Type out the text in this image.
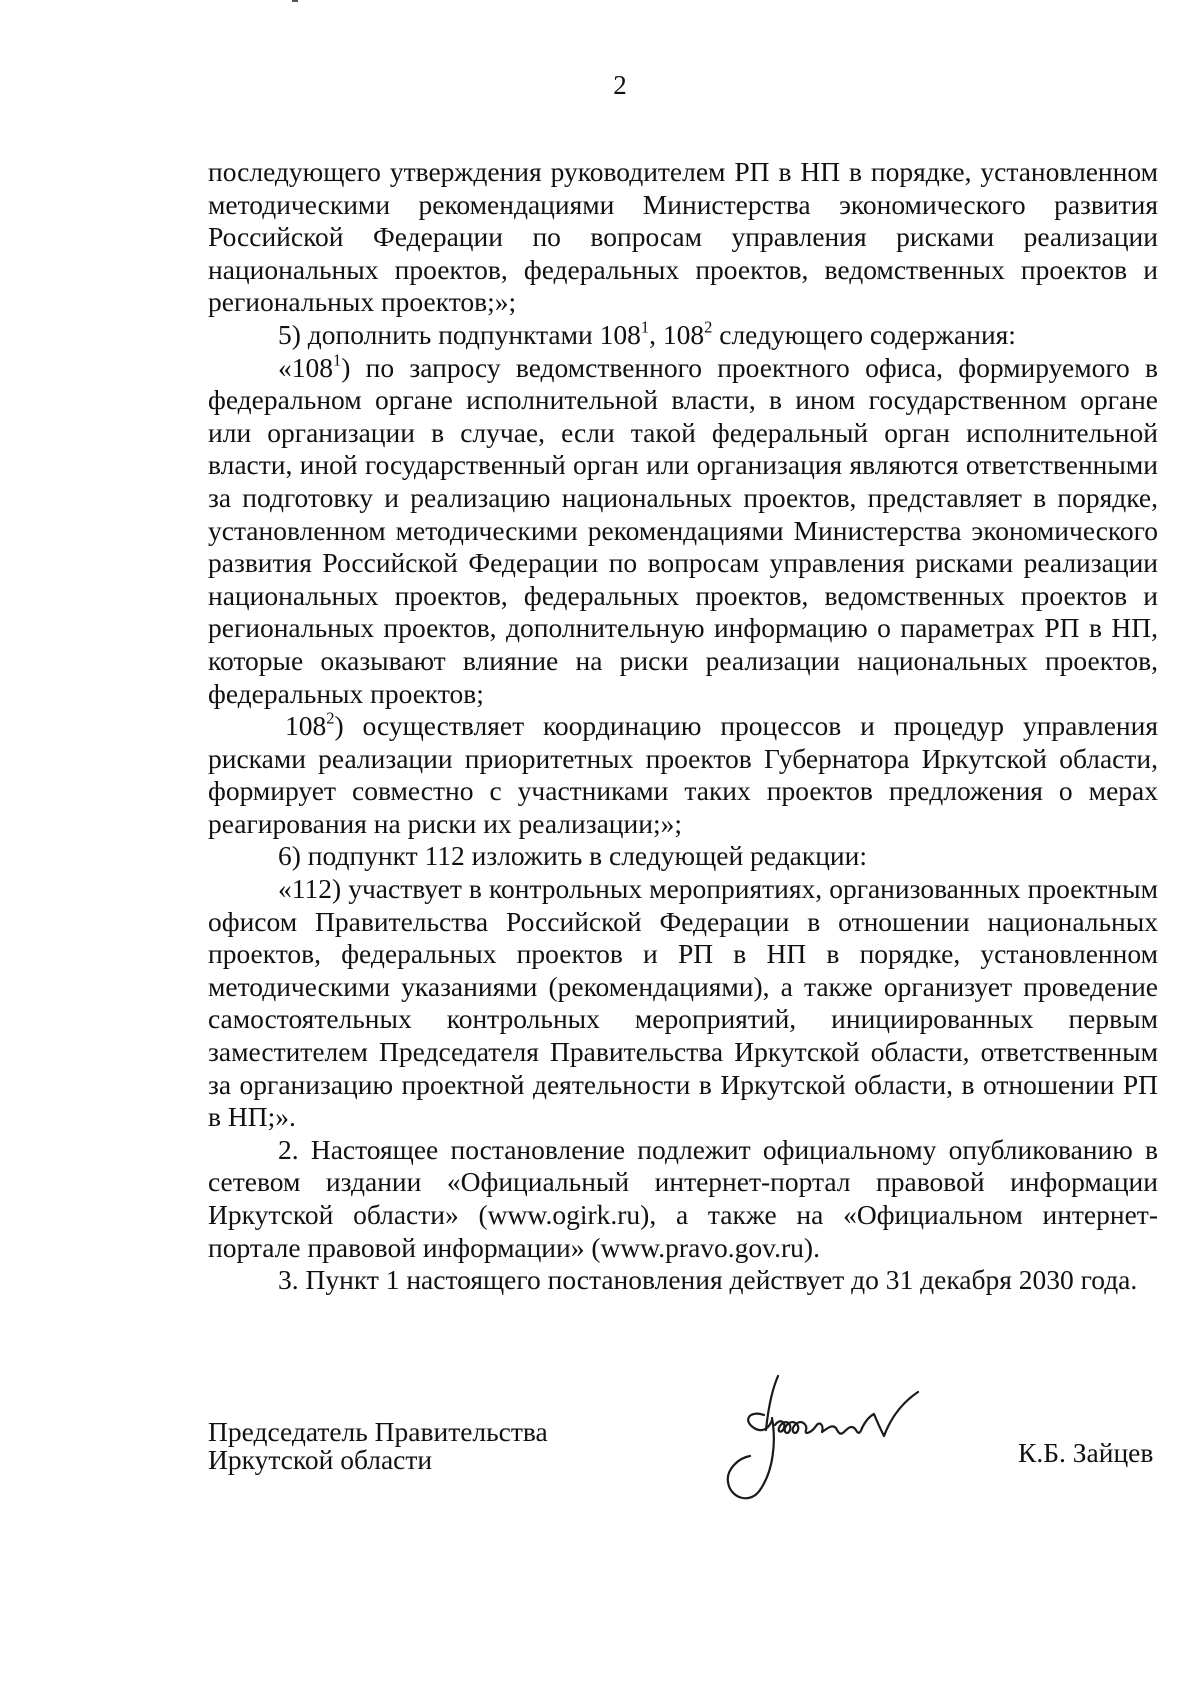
2

последующего утверждения руководителем РП в НП в порядке, установленном методическими рекомендациями Министерства экономического развития Российской Федерации по вопросам управления рисками реализации национальных проектов, федеральных проектов, ведомственных проектов и региональных проектов;»;

5) дополнить подпунктами $108^1$, $108^2$ следующего содержания:

«$108^1$) по запросу ведомственного проектного офиса, формируемого в федеральном органе исполнительной власти, в ином государственном органе или организации в случае, если такой федеральный орган исполнительной власти, иной государственный орган или организация являются ответственными за подготовку и реализацию национальных проектов, представляет в порядке, установленном методическими рекомендациями Министерства экономического развития Российской Федерации по вопросам управления рисками реализации национальных проектов, федеральных проектов, ведомственных проектов и региональных проектов, дополнительную информацию о параметрах РП в НП, которые оказывают влияние на риски реализации национальных проектов, федеральных проектов;

$108^2$) осуществляет координацию процессов и процедур управления рисками реализации приоритетных проектов Губернатора Иркутской области, формирует совместно с участниками таких проектов предложения о мерах реагирования на риски их реализации;»;

6) подпункт 112 изложить в следующей редакции:

«112) участвует в контрольных мероприятиях, организованных проектным офисом Правительства Российской Федерации в отношении национальных проектов, федеральных проектов и РП в НП в порядке, установленном методическими указаниями (рекомендациями), а также организует проведение самостоятельных контрольных мероприятий, инициированных первым заместителем Председателя Правительства Иркутской области, ответственным за организацию проектной деятельности в Иркутской области, в отношении РП в НП;».

2. Настоящее постановление подлежит официальному опубликованию в сетевом издании «Официальный интернет-портал правовой информации Иркутской области» (www.ogirk.ru), а также на «Официальном интернет-портале правовой информации» (www.pravo.gov.ru).

3. Пункт 1 настоящего постановления действует до 31 декабря 2030 года.

Председатель Правительства
Иркутской области	К.Б. Зайцев
